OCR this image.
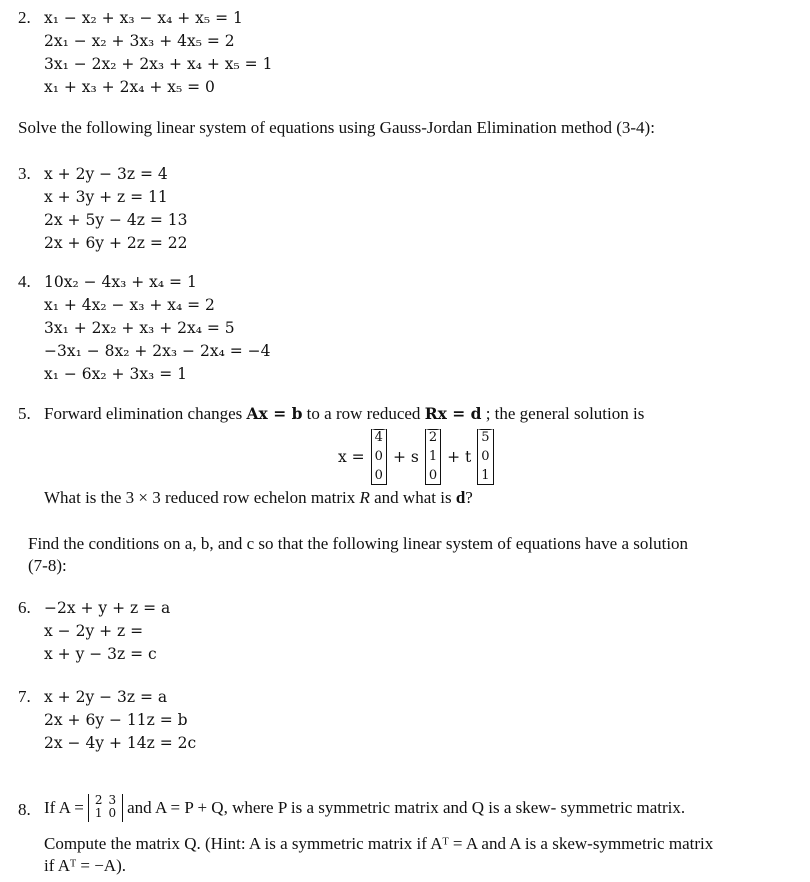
2. x₁ − x₂ + x₃ − x₄ + x₅ = 1
2x₁ − x₂ + 3x₃ + 4x₅ = 2
3x₁ − 2x₂ + 2x₃ + x₄ + x₅ = 1
x₁ + x₃ + 2x₄ + x₅ = 0
Solve the following linear system of equations using Gauss-Jordan Elimination method (3-4):
3. x + 2y − 3z = 4
x + 3y + z = 11
2x + 5y − 4z = 13
2x + 6y + 2z = 22
4. 10x₂ − 4x₃ + x₄ = 1
x₁ + 4x₂ − x₃ + x₄ = 2
3x₁ + 2x₂ + x₃ + 2x₄ = 5
−3x₁ − 8x₂ + 2x₃ − 2x₄ = −4
x₁ − 6x₂ + 3x₃ = 1
5. Forward elimination changes Ax = b to a row reduced Rx = d ; the general solution is
x =
4
0
0
+ s
2
1
0
+ t
5
0
1
What is the 3 × 3 reduced row echelon matrix R and what is d?
Find the conditions on a, b, and c so that the following linear system of equations have a solution
(7-8):
6. −2x + y + z = a
x − 2y + z =
x + y − 3z = c
7. x + 2y − 3z = a
2x + 6y − 11z = b
2x − 4y + 14z = 2c
8. If A = 2
1
3
0 and A = P + Q, where P is a symmetric matrix and Q is a skew- symmetric matrix.
Compute the matrix Q. (Hint: A is a symmetric matrix if Aᵀ = A and A is a skew-symmetric matrix
if Aᵀ = −A).
